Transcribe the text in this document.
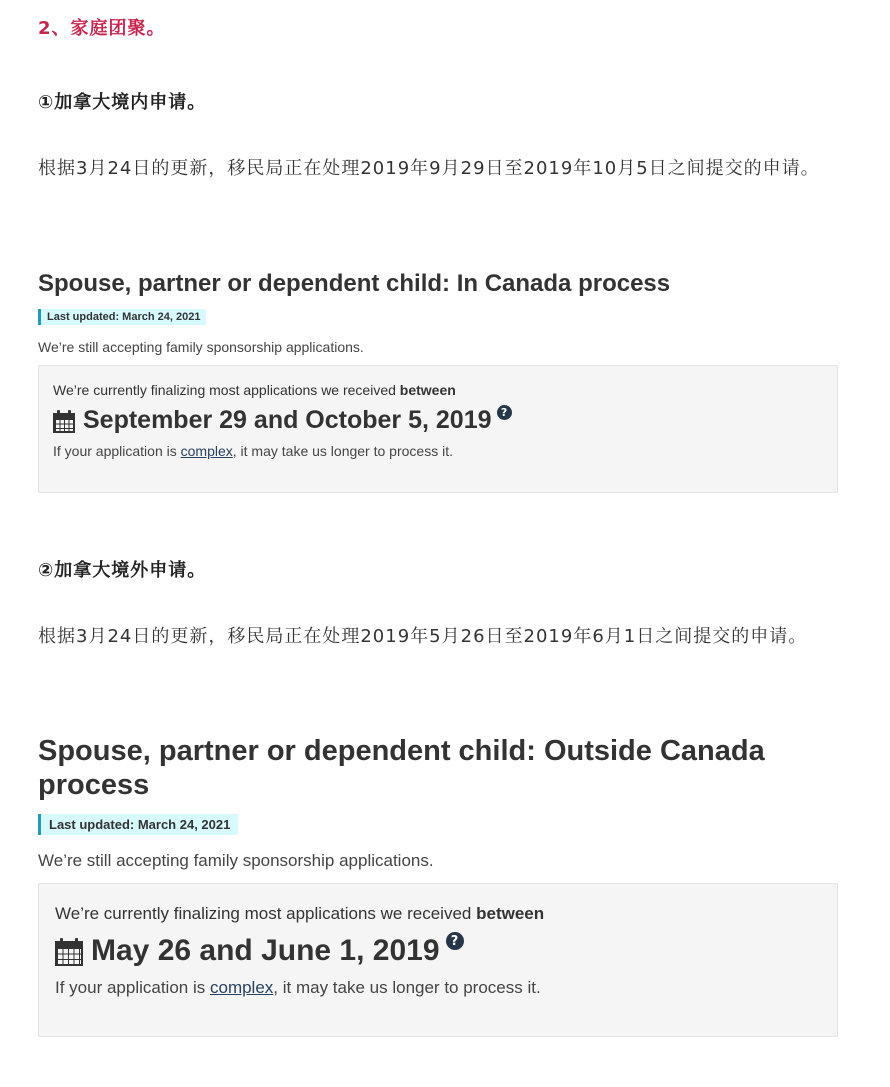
2、家庭团聚。
①加拿大境内申请。
根据3月24日的更新，移民局正在处理2019年9月29日至2019年10月5日之间提交的申请。
Spouse, partner or dependent child: In Canada process
Last updated: March 24, 2021
We’re still accepting family sponsorship applications.
We’re currently finalizing most applications we received between
September 29 and October 5, 2019 ?
If your application is complex, it may take us longer to process it.
②加拿大境外申请。
根据3月24日的更新，移民局正在处理2019年5月26日至2019年6月1日之间提交的申请。
Spouse, partner or dependent child: Outside Canada process
Last updated: March 24, 2021
We’re still accepting family sponsorship applications.
We’re currently finalizing most applications we received between
May 26 and June 1, 2019 ?
If your application is complex, it may take us longer to process it.
